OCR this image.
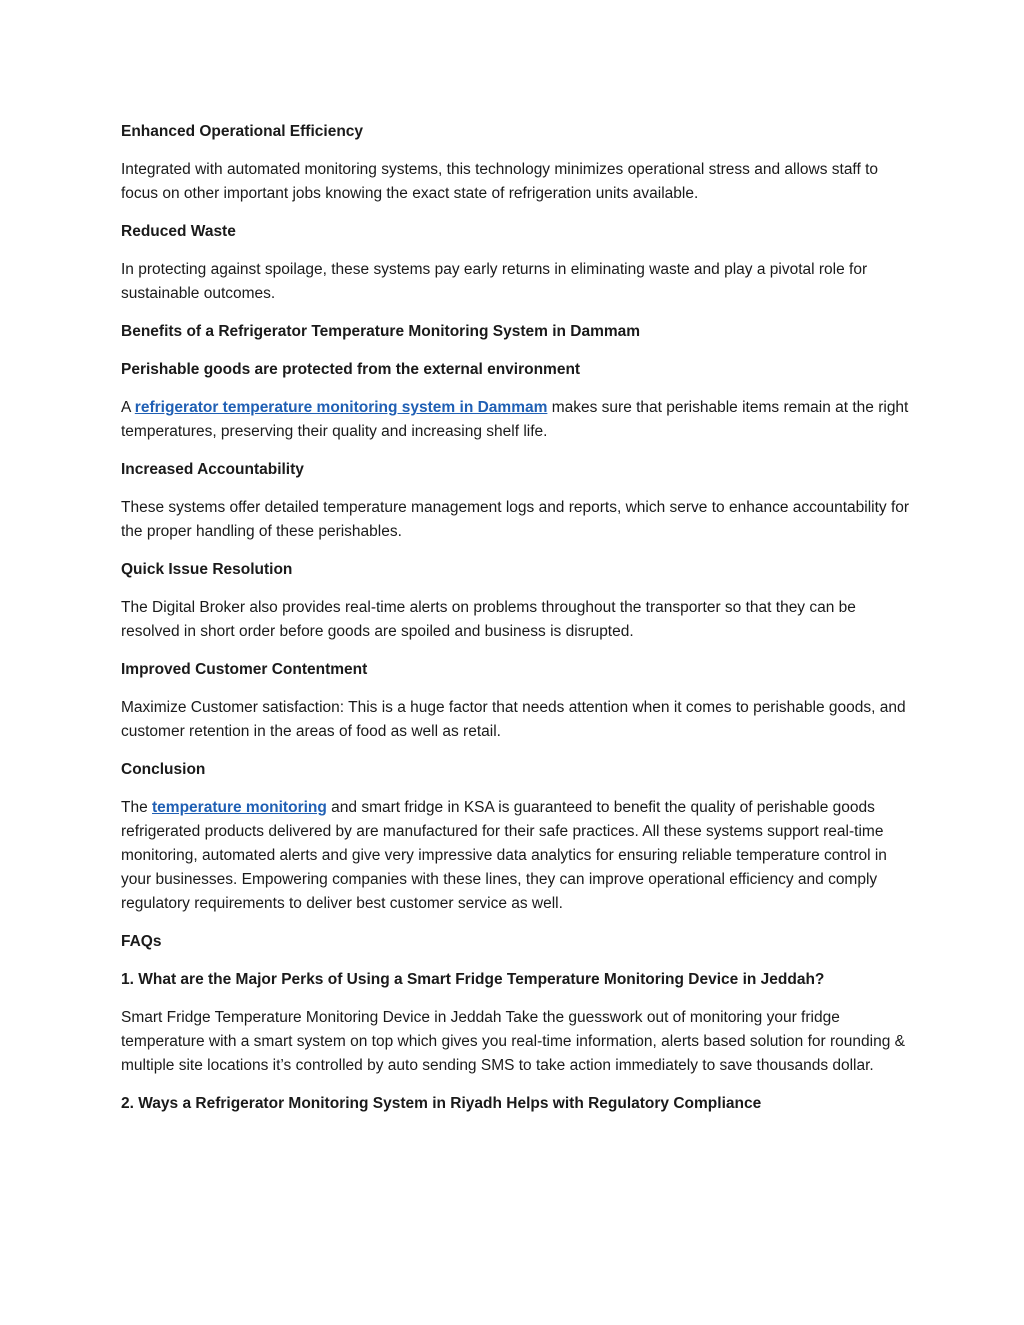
Enhanced Operational Efficiency
Integrated with automated monitoring systems, this technology minimizes operational stress and allows staff to focus on other important jobs knowing the exact state of refrigeration units available.
Reduced Waste
In protecting against spoilage, these systems pay early returns in eliminating waste and play a pivotal role for sustainable outcomes.
Benefits of a Refrigerator Temperature Monitoring System in Dammam
Perishable goods are protected from the external environment
A refrigerator temperature monitoring system in Dammam makes sure that perishable items remain at the right temperatures, preserving their quality and increasing shelf life.
Increased Accountability
These systems offer detailed temperature management logs and reports, which serve to enhance accountability for the proper handling of these perishables.
Quick Issue Resolution
The Digital Broker also provides real-time alerts on problems throughout the transporter so that they can be resolved in short order before goods are spoiled and business is disrupted.
Improved Customer Contentment
Maximize Customer satisfaction: This is a huge factor that needs attention when it comes to perishable goods, and customer retention in the areas of food as well as retail.
Conclusion
The temperature monitoring and smart fridge in KSA is guaranteed to benefit the quality of perishable goods refrigerated products delivered by are manufactured for their safe practices. All these systems support real-time monitoring, automated alerts and give very impressive data analytics for ensuring reliable temperature control in your businesses. Empowering companies with these lines, they can improve operational efficiency and comply regulatory requirements to deliver best customer service as well.
FAQs
1. What are the Major Perks of Using a Smart Fridge Temperature Monitoring Device in Jeddah?
Smart Fridge Temperature Monitoring Device in Jeddah Take the guesswork out of monitoring your fridge temperature with a smart system on top which gives you real-time information, alerts based solution for rounding & multiple site locations it’s controlled by auto sending SMS to take action immediately to save thousands dollar.
2. Ways a Refrigerator Monitoring System in Riyadh Helps with Regulatory Compliance
